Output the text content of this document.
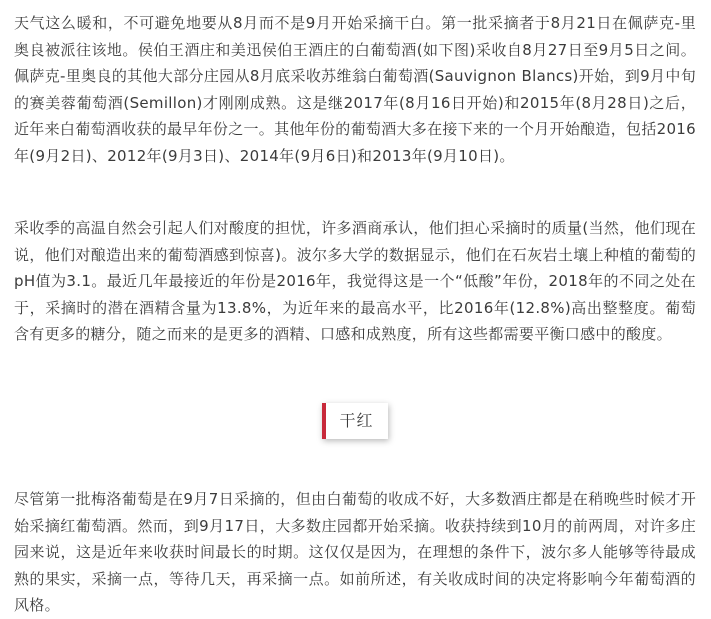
天气这么暖和，不可避免地要从8月而不是9月开始采摘干白。第一批采摘者于8月21日在佩萨克-里奥良被派往该地。侯伯王酒庄和美迅侯伯王酒庄的白葡萄酒(如下图)采收自8月27日至9月5日之间。佩萨克-里奥良的其他大部分庄园从8月底采收苏维翁白葡萄酒(Sauvignon Blancs)开始，到9月中旬的赛美蓉葡萄酒(Semillon)才刚刚成熟。这是继2017年(8月16日开始)和2015年(8月28日)之后，近年来白葡萄酒收获的最早年份之一。其他年份的葡萄酒大多在接下来的一个月开始酿造，包括2016年(9月2日)、2012年(9月3日)、2014年(9月6日)和2013年(9月10日)。

采收季的高温自然会引起人们对酸度的担忧，许多酒商承认，他们担心采摘时的质量(当然，他们现在说，他们对酿造出来的葡萄酒感到惊喜)。波尔多大学的数据显示，他们在石灰岩土壤上种植的葡萄的pH值为3.1。最近几年最接近的年份是2016年，我觉得这是一个“低酸”年份，2018年的不同之处在于，采摘时的潜在酒精含量为13.8%，为近年来的最高水平，比2016年(12.8%)高出整整度。葡萄含有更多的糖分，随之而来的是更多的酒精、口感和成熟度，所有这些都需要平衡口感中的酸度。

干红

尽管第一批梅洛葡萄是在9月7日采摘的，但由白葡萄的收成不好，大多数酒庄都是在稍晚些时候才开始采摘红葡萄酒。然而，到9月17日，大多数庄园都开始采摘。收获持续到10月的前两周，对许多庄园来说，这是近年来收获时间最长的时期。这仅仅是因为，在理想的条件下，波尔多人能够等待最成熟的果实，采摘一点，等待几天，再采摘一点。如前所述，有关收成时间的决定将影响今年葡萄酒的风格。
